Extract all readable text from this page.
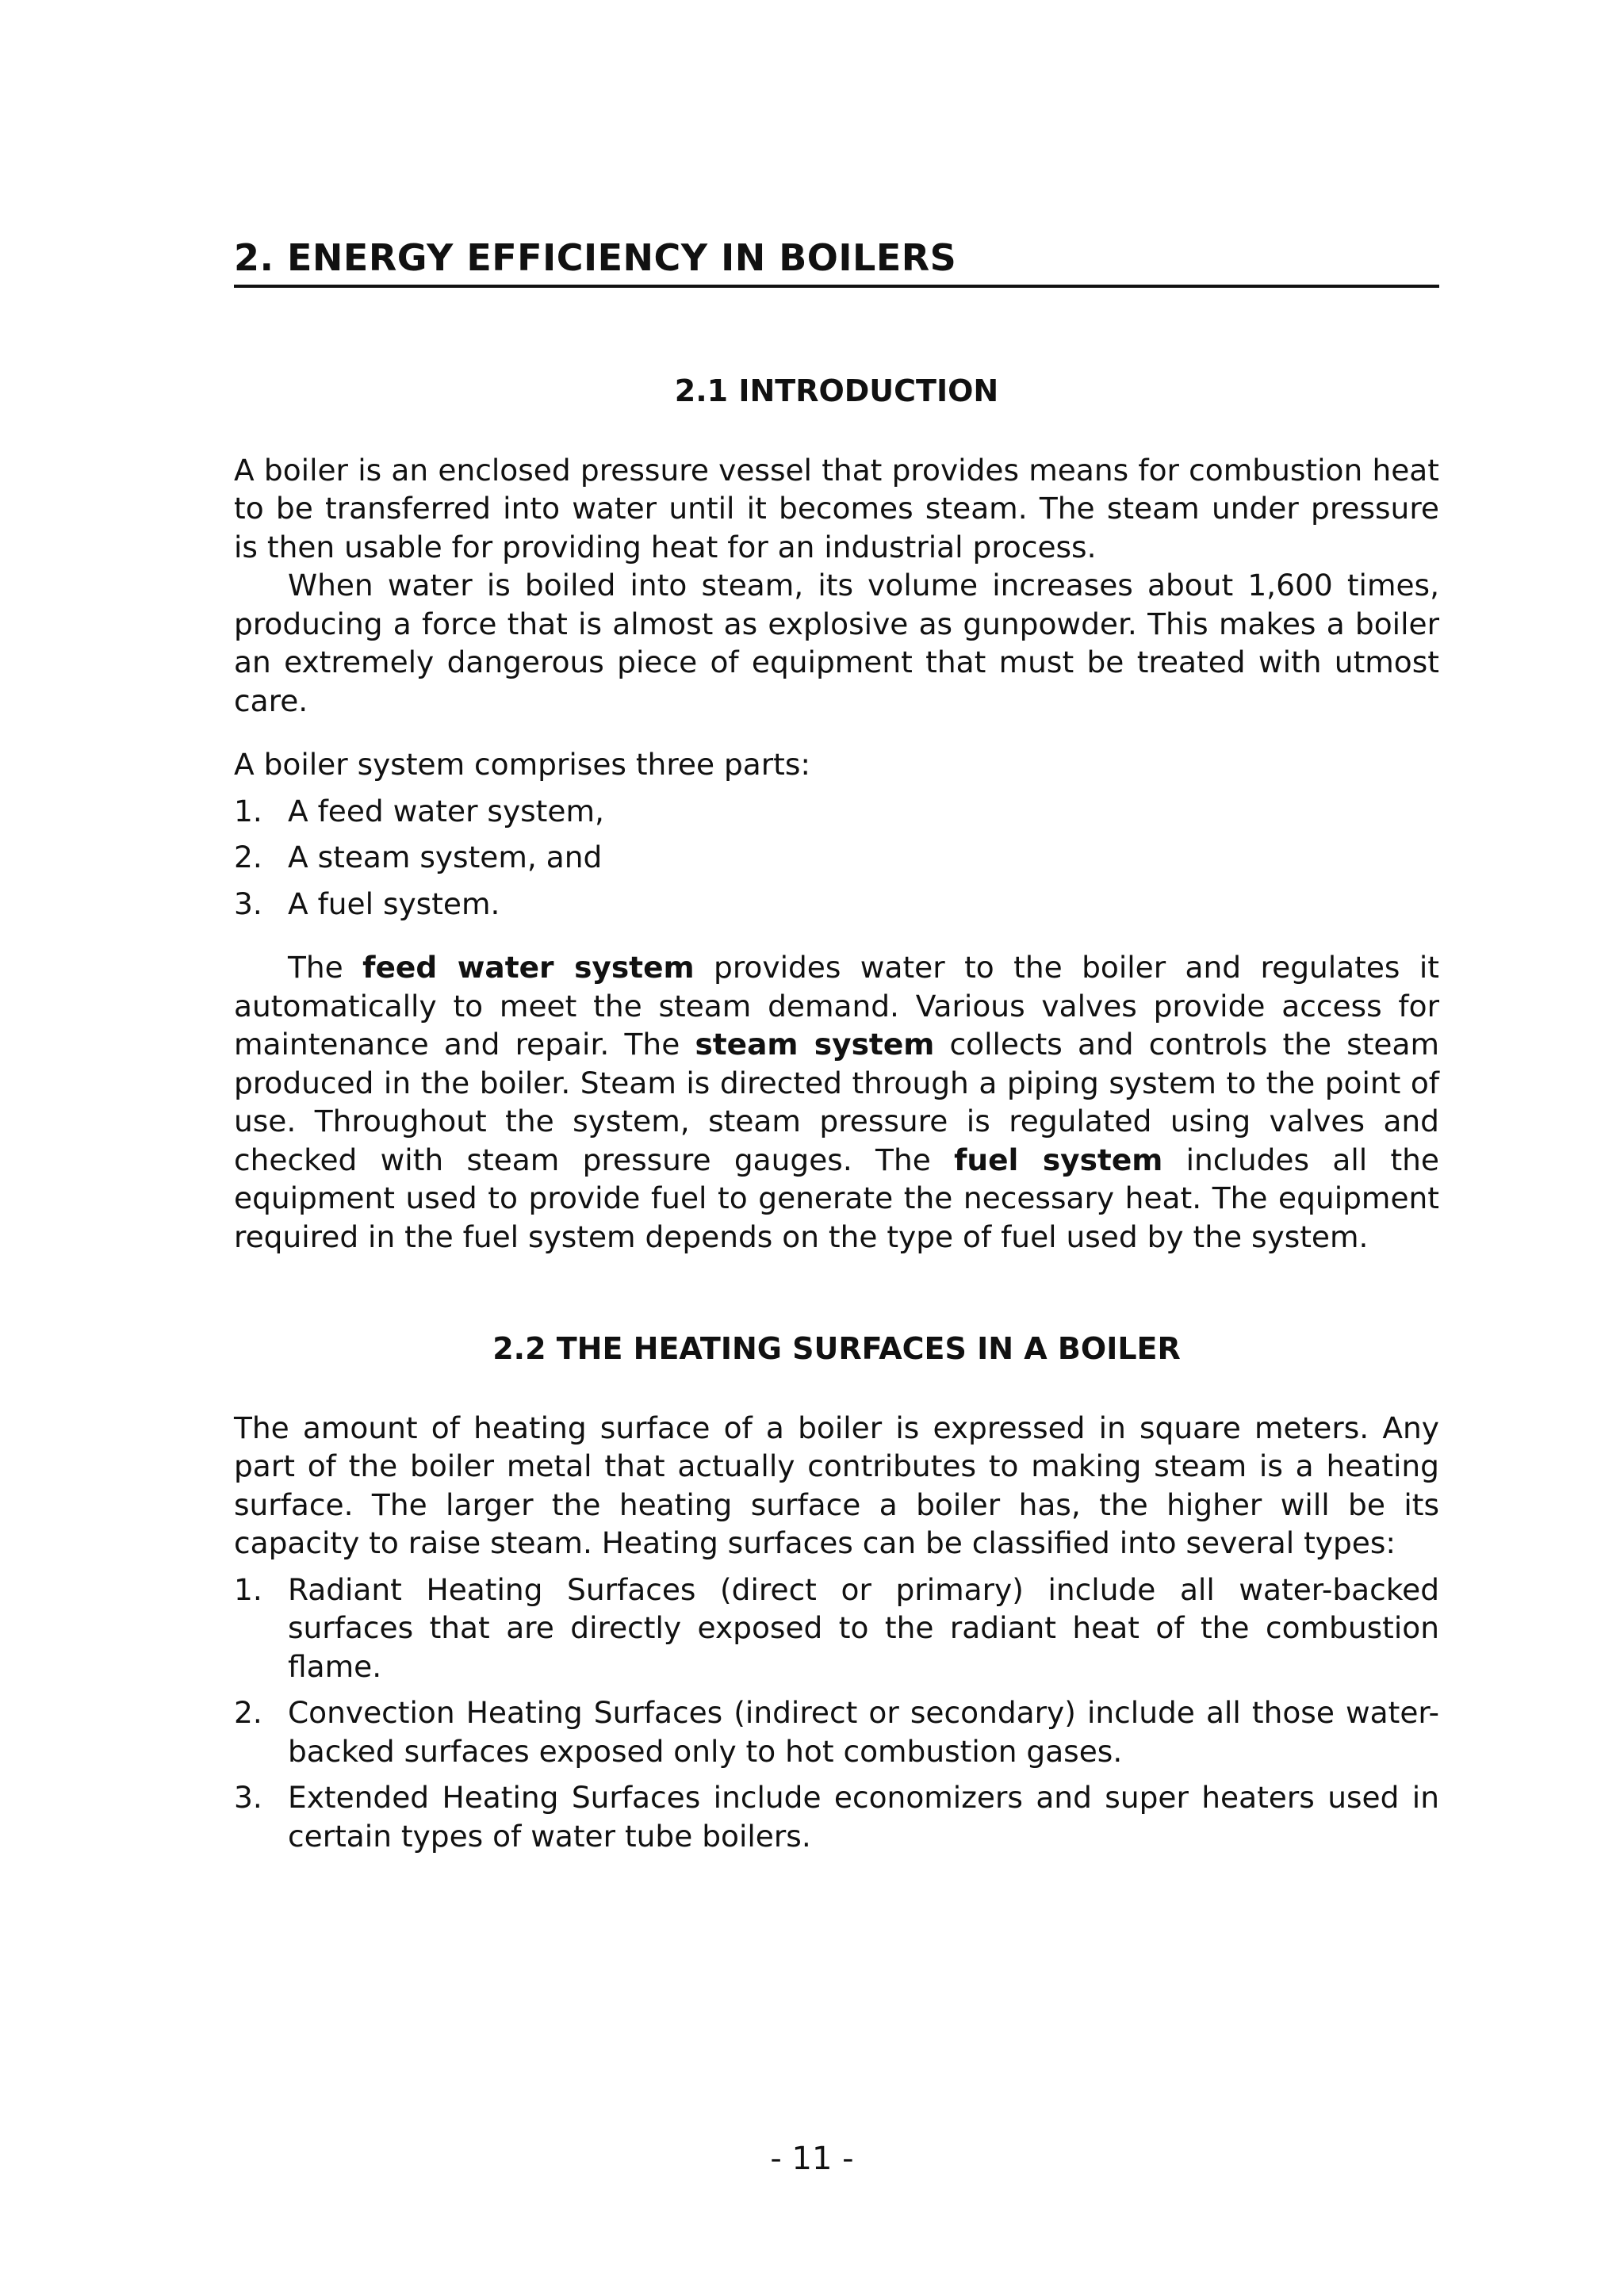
2. ENERGY EFFICIENCY IN BOILERS
2.1 INTRODUCTION

A boiler is an enclosed pressure vessel that provides means for combustion heat to be transferred into water until it becomes steam. The steam under pressure is then usable for providing heat for an industrial process.

When water is boiled into steam, its volume increases about 1,600 times, producing a force that is almost as explosive as gunpowder. This makes a boiler an extremely dangerous piece of equipment that must be treated with utmost care.

A boiler system comprises three parts:

1. A feed water system,
2. A steam system, and
3. A fuel system.

The feed water system provides water to the boiler and regulates it automatically to meet the steam demand. Various valves provide access for maintenance and repair. The steam system collects and controls the steam produced in the boiler. Steam is directed through a piping system to the point of use. Throughout the system, steam pressure is regulated using valves and checked with steam pressure gauges. The fuel system includes all the equipment used to provide fuel to generate the necessary heat. The equipment required in the fuel system depends on the type of fuel used by the system.

2.2 THE HEATING SURFACES IN A BOILER

The amount of heating surface of a boiler is expressed in square meters. Any part of the boiler metal that actually contributes to making steam is a heating surface. The larger the heating surface a boiler has, the higher will be its capacity to raise steam. Heating surfaces can be classified into several types:

1. Radiant Heating Surfaces (direct or primary) include all water-backed surfaces that are directly exposed to the radiant heat of the combustion flame.
2. Convection Heating Surfaces (indirect or secondary) include all those water-backed surfaces exposed only to hot combustion gases.
3. Extended Heating Surfaces include economizers and super heaters used in certain types of water tube boilers.
- 11 -
